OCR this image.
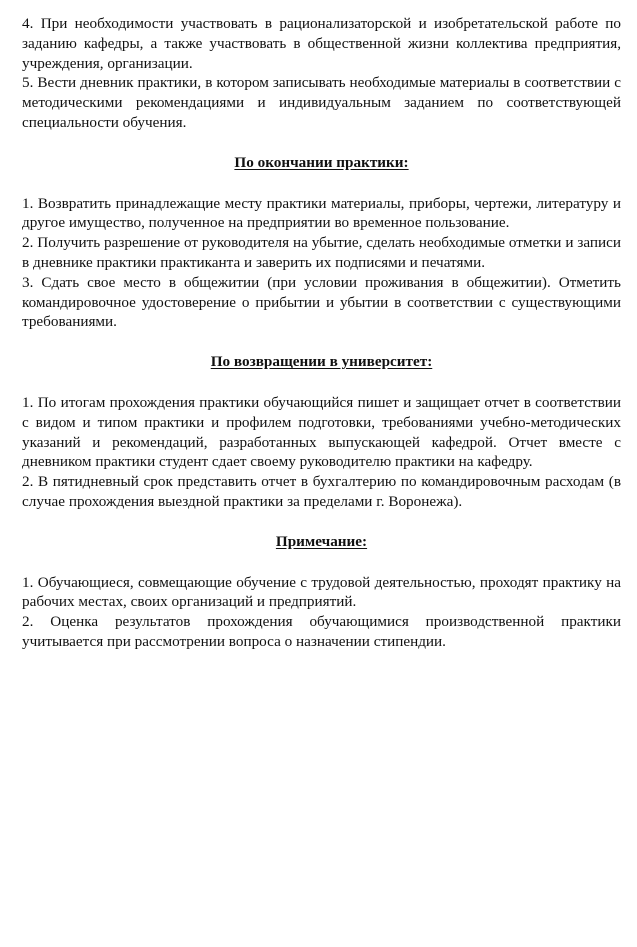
4. При необходимости участвовать в рационализаторской и изобретательской работе по заданию кафедры, а также участвовать в общественной жизни коллектива предприятия, учреждения, организации.

5. Вести дневник практики, в котором записывать необходимые материалы в соответствии с методическими рекомендациями и индивидуальным заданием по соответствующей специальности обучения.

По окончании практики:

1. Возвратить принадлежащие месту практики материалы, приборы, чертежи, литературу и другое имущество, полученное на предприятии во временное пользование.

2. Получить разрешение от руководителя на убытие, сделать необходимые отметки и записи в дневнике практики практиканта и заверить их подписями и печатями.

3. Сдать свое место в общежитии (при условии проживания в общежитии). Отметить командировочное удостоверение о прибытии и убытии в соответствии с существующими требованиями.

По возвращении в университет:

1. По итогам прохождения практики обучающийся пишет и защищает отчет в соответствии с видом и типом практики и профилем подготовки, требованиями учебно-методических указаний и рекомендаций, разработанных выпускающей кафедрой. Отчет вместе с дневником практики студент сдает своему руководителю практики на кафедру.

2. В пятидневный срок представить отчет в бухгалтерию по командировочным расходам (в случае прохождения выездной практики за пределами г. Воронежа).

Примечание:

1. Обучающиеся, совмещающие обучение с трудовой деятельностью, проходят практику на рабочих местах, своих организаций и предприятий.

2. Оценка результатов прохождения обучающимися производственной практики учитывается при рассмотрении вопроса о назначении стипендии.
